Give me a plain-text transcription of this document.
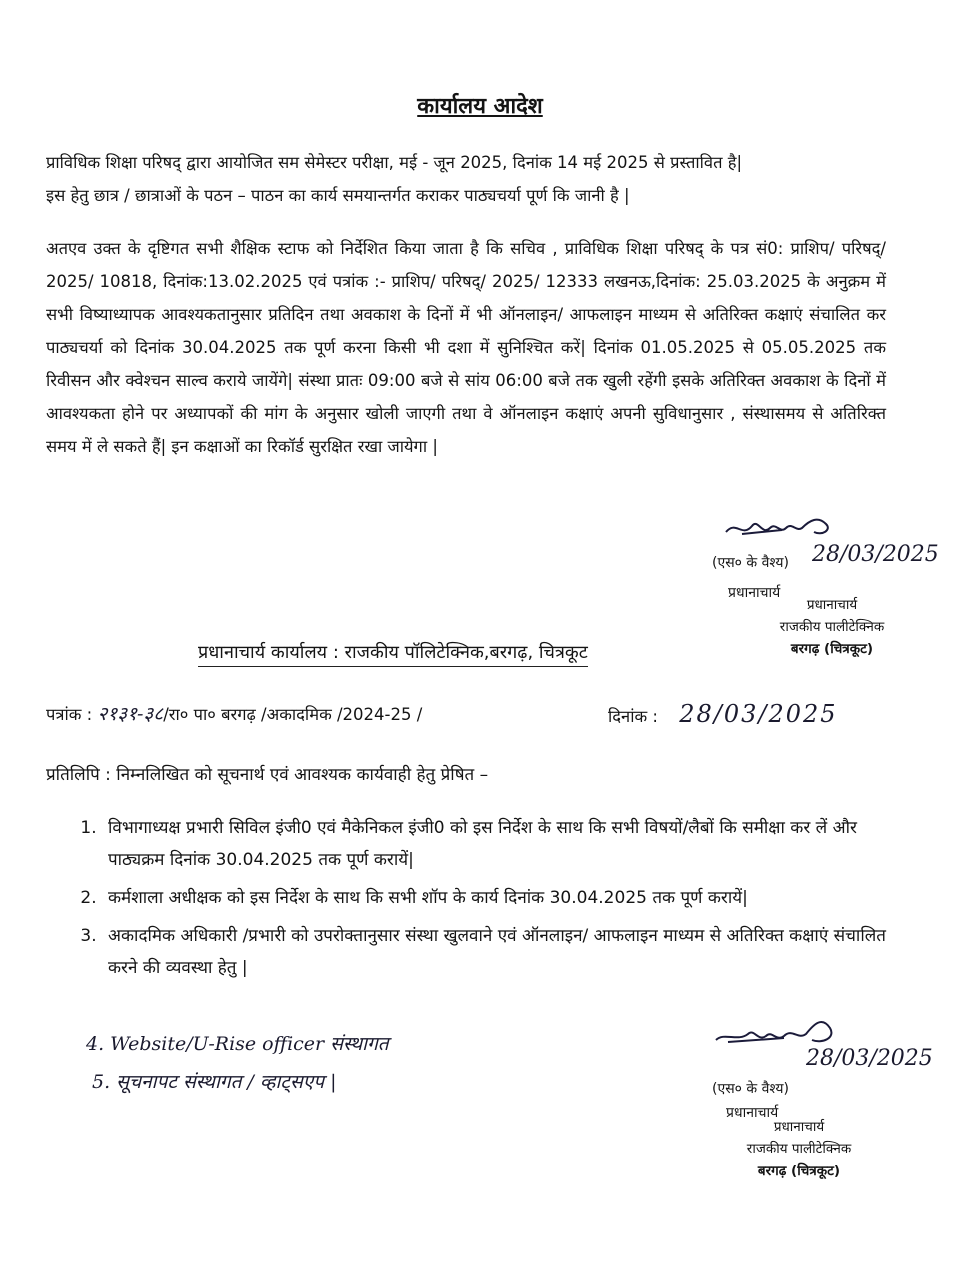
कार्यालय आदेश
प्राविधिक शिक्षा परिषद् द्वारा आयोजित सम सेमेस्टर परीक्षा, मई - जून 2025, दिनांक 14 मई 2025 से प्रस्तावित है|
इस हेतु छात्र / छात्राओं के पठन – पाठन का कार्य समयान्तर्गत कराकर पाठ्यचर्या पूर्ण कि जानी है |
अतएव उक्त के दृष्टिगत सभी शैक्षिक स्टाफ को निर्देशित किया जाता है कि सचिव , प्राविधिक शिक्षा परिषद् के पत्र सं0: प्राशिप/ परिषद्/ 2025/ 10818, दिनांक:13.02.2025 एवं पत्रांक :- प्राशिप/ परिषद्/ 2025/ 12333 लखनऊ,दिनांक: 25.03.2025 के अनुक्रम में सभी विष्याध्यापक आवश्यकतानुसार प्रतिदिन तथा अवकाश के दिनों में भी ऑनलाइन/ आफलाइन माध्यम से अतिरिक्त कक्षाएं संचालित कर पाठ्यचर्या को दिनांक 30.04.2025 तक पूर्ण करना किसी भी दशा में सुनिश्चित करें| दिनांक 01.05.2025 से 05.05.2025 तक रिवीसन और क्वेश्चन साल्व कराये जायेंगे| संस्था प्रातः 09:00 बजे से सांय 06:00 बजे तक खुली रहेंगी इसके अतिरिक्त अवकाश के दिनों में आवश्यकता होने पर अध्यापकों की मांग के अनुसार खोली जाएगी तथा वे ऑनलाइन कक्षाएं अपनी सुविधानुसार , संस्थासमय से अतिरिक्त समय में ले सकते हैं| इन कक्षाओं का रिकॉर्ड सुरक्षित रखा जायेगा |
(एस० के वैश्य) 28/03/2025
प्रधानाचार्य
प्रधानाचार्य
राजकीय पालीटेक्निक
बरगढ़ (चित्रकूट)
प्रधानाचार्य कार्यालय : राजकीय पॉलिटेक्निक,बरगढ़, चित्रकूट
पत्रांक : २१३१-३८/रा० पा० बरगढ़ /अकादमिक /2024-25 /	दिनांक : 28/03/2025
प्रतिलिपि : निम्नलिखित को सूचनार्थ एवं आवश्यक कार्यवाही हेतु प्रेषित –
1. विभागाध्यक्ष प्रभारी सिविल इंजी0 एवं मैकेनिकल इंजी0 को इस निर्देश के साथ कि सभी विषयों/लैबों कि समीक्षा कर लें और पाठ्यक्रम दिनांक 30.04.2025 तक पूर्ण करायें|
2. कर्मशाला अधीक्षक को इस निर्देश के साथ कि सभी शॉप के कार्य दिनांक 30.04.2025 तक पूर्ण करायें|
3. अकादमिक अधिकारी /प्रभारी को उपरोक्तानुसार संस्था खुलवाने एवं ऑनलाइन/ आफलाइन माध्यम से अतिरिक्त कक्षाएं संचालित करने की व्यवस्था हेतु |
4. Website/U-Rise officer संस्थागत
5. सूचनापट संस्थागत / व्हाट्सएप |
28/03/2025
(एस० के वैश्य)
प्रधानाचार्य
प्रधानाचार्य
राजकीय पालीटेक्निक
बरगढ़ (चित्रकूट)
